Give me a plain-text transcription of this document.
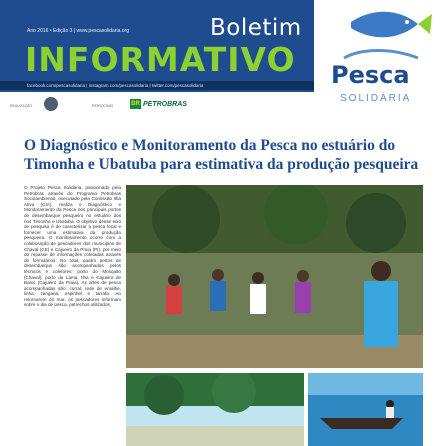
Ano 2016 • Edição 3 | www.pescasolidaria.org	Boletim
INFORMATIVO
facebook.com/pescasolidaria | instagram.com/pescasolidaria | twitter.com/pescasolidaria	Pesca
SOLIDÁRIA
REALIZAÇÃO	PATROCÍNIO	BR PETROBRAS
O Diagnóstico e Monitoramento da Pesca no estuário do Timonha e Ubatuba para estimativa da produção pesqueira
O Projeto Pesca Solidária, patrocinado pela Petrobras através do Programa Petrobras Socioambiental, executado pela Comissão Ilha Ativa (CIA), realiza o Diagnóstico e Monitoramento da Pesca nos principais portos de desembarque pesqueiro no estuário dos rios Timonha e Ubatuba. O objetivo desse eixo de pesquisa é de caracterizar a pesca local e fornecer uma estimativa da produção pesqueira. O monitoramento ocorre com a colaboração de pescadores dos municípios de Chaval (CE) e Cajueiro da Praia (PI), por meio do repasse de informações coletadas através de formulários. No total, quatro portos de desembarque são acompanhados pelos técnicos e coletores: porto do Mosquito (Chaval), porto da Lama, Ilha e Cajueiro de Baixo (Cajueiro da Praia). As artes de pesca acompanhadas são: curral, rede de emalhe, linha, zangaria, espinhel e tarrafa. Ao retornarem do mar, os pescadores informam sobre o dia de pesca, petrechos utilizados,
